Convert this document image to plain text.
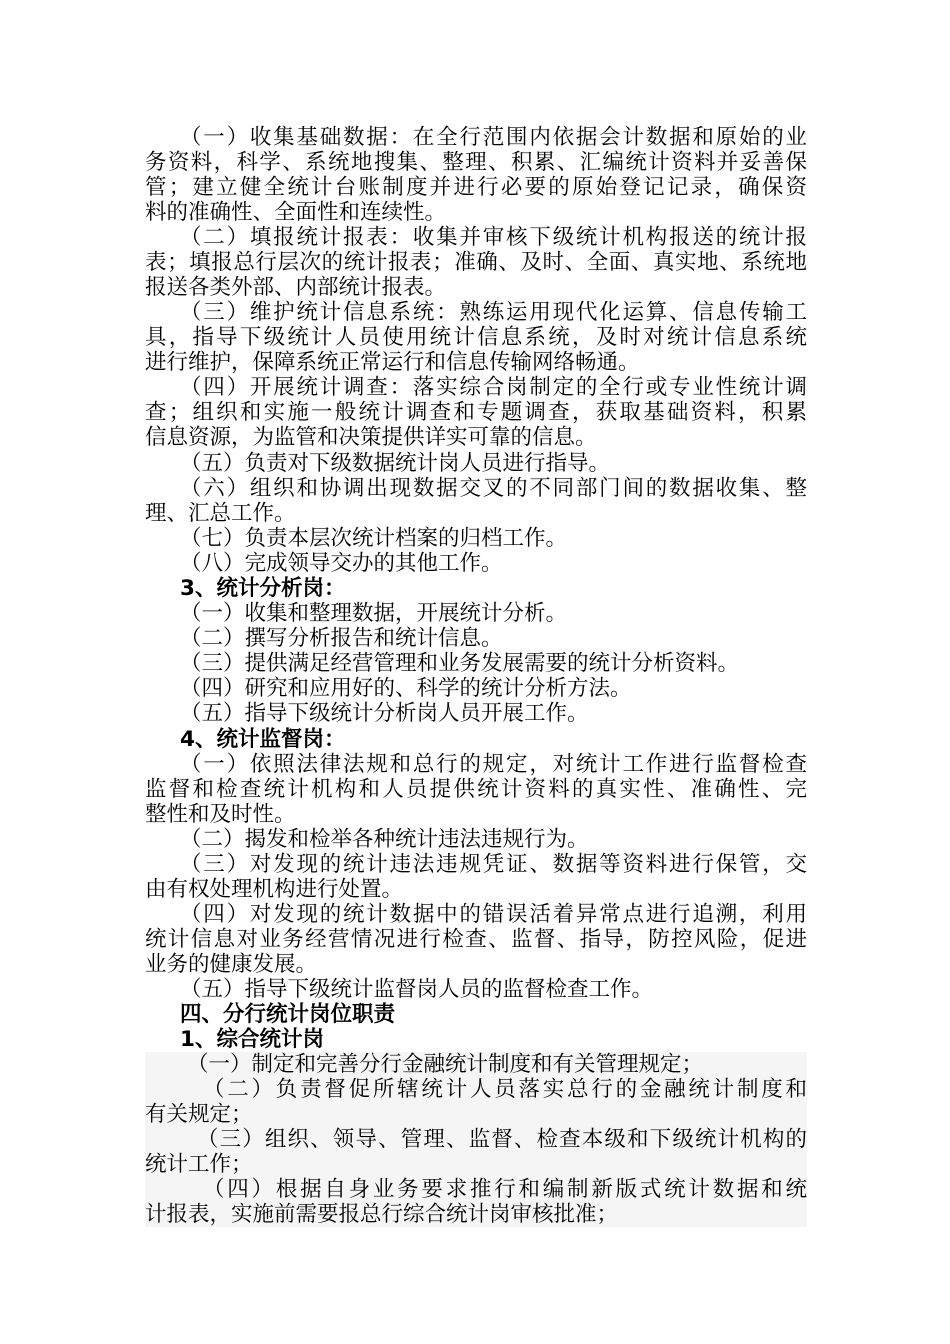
（一）收集基础数据：在全行范围内依据会计数据和原始的业
务资料，科学、系统地搜集、整理、积累、汇编统计资料并妥善保
管；建立健全统计台账制度并进行必要的原始登记记录，确保资
料的准确性、全面性和连续性。
（二）填报统计报表：收集并审核下级统计机构报送的统计报
表；填报总行层次的统计报表；准确、及时、全面、真实地、系统地
报送各类外部、内部统计报表。
（三）维护统计信息系统：熟练运用现代化运算、信息传输工
具，指导下级统计人员使用统计信息系统，及时对统计信息系统
进行维护，保障系统正常运行和信息传输网络畅通。
（四）开展统计调查：落实综合岗制定的全行或专业性统计调
查；组织和实施一般统计调查和专题调查，获取基础资料，积累
信息资源，为监管和决策提供详实可靠的信息。
（五）负责对下级数据统计岗人员进行指导。
（六）组织和协调出现数据交叉的不同部门间的数据收集、整
理、汇总工作。
（七）负责本层次统计档案的归档工作。
（八）完成领导交办的其他工作。
3、统计分析岗：
（一）收集和整理数据，开展统计分析。
（二）撰写分析报告和统计信息。
（三）提供满足经营管理和业务发展需要的统计分析资料。
（四）研究和应用好的、科学的统计分析方法。
（五）指导下级统计分析岗人员开展工作。
4、统计监督岗：
（一）依照法律法规和总行的规定，对统计工作进行监督检查
监督和检查统计机构和人员提供统计资料的真实性、准确性、完
整性和及时性。
（二）揭发和检举各种统计违法违规行为。
（三）对发现的统计违法违规凭证、数据等资料进行保管，交
由有权处理机构进行处置。
（四）对发现的统计数据中的错误活着异常点进行追溯，利用
统计信息对业务经营情况进行检查、监督、指导，防控风险，促进
业务的健康发展。
（五）指导下级统计监督岗人员的监督检查工作。
四、分行统计岗位职责
1、综合统计岗
（一）制定和完善分行金融统计制度和有关管理规定；
（二）负责督促所辖统计人员落实总行的金融统计制度和
有关规定；
（三）组织、领导、管理、监督、检查本级和下级统计机构的
统计工作；
（四）根据自身业务要求推行和编制新版式统计数据和统
计报表，实施前需要报总行综合统计岗审核批准；
